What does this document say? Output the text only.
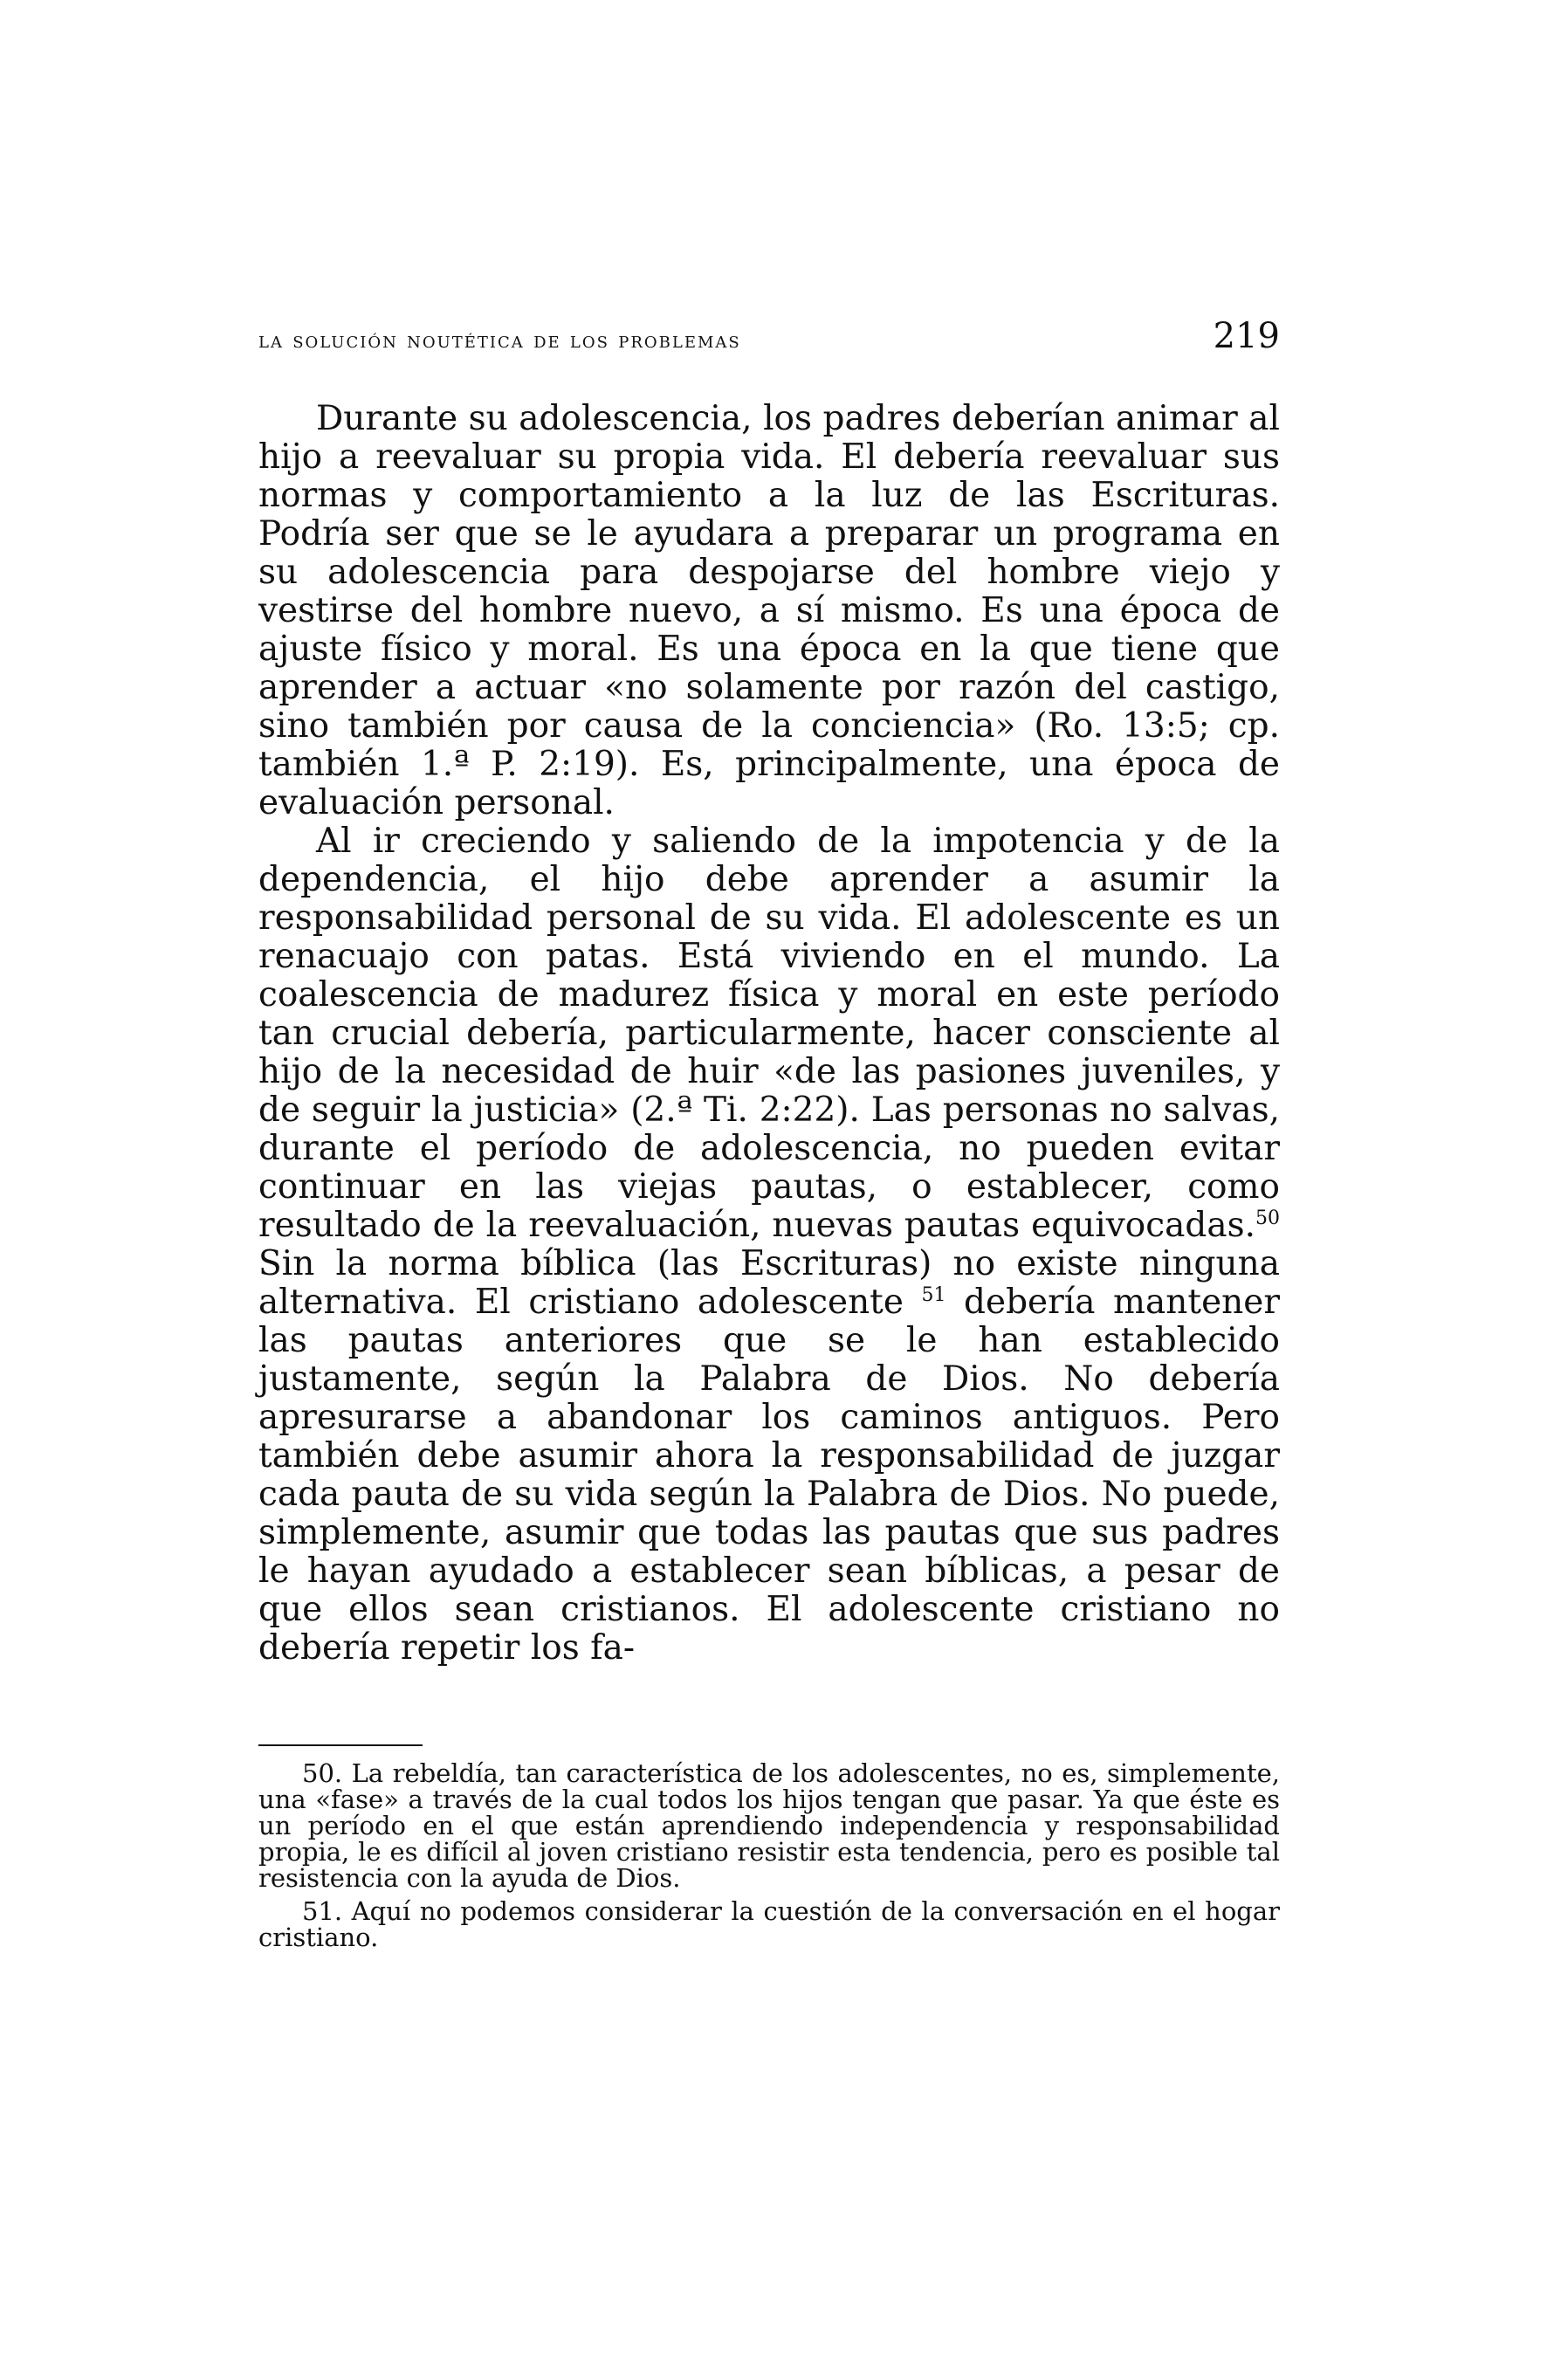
la solución noutética de los problemas	219

Durante su adolescencia, los padres deberían animar al hijo a reevaluar su propia vida. El debería reevaluar sus normas y comportamiento a la luz de las Escrituras. Podría ser que se le ayudara a preparar un programa en su adolescencia para despojarse del hombre viejo y vestirse del hombre nuevo, a sí mismo. Es una época de ajuste físico y moral. Es una época en la que tiene que aprender a actuar «no solamente por razón del castigo, sino también por causa de la conciencia» (Ro. 13:5; cp. también 1.ª P. 2:19). Es, principalmente, una época de evaluación personal.

Al ir creciendo y saliendo de la impotencia y de la dependencia, el hijo debe aprender a asumir la responsabilidad personal de su vida. El adolescente es un renacuajo con patas. Está viviendo en el mundo. La coalescencia de madurez física y moral en este período tan crucial debería, particularmente, hacer consciente al hijo de la necesidad de huir «de las pasiones juveniles, y de seguir la justicia» (2.ª Ti. 2:22). Las personas no salvas, durante el período de adolescencia, no pueden evitar continuar en las viejas pautas, o establecer, como resultado de la reevaluación, nuevas pautas equivocadas.$^{50}$ Sin la norma bíblica (las Escrituras) no existe ninguna alternativa. El cristiano adolescente $^{51}$ debería mantener las pautas anteriores que se le han establecido justamente, según la Palabra de Dios. No debería apresurarse a abandonar los caminos antiguos. Pero también debe asumir ahora la responsabilidad de juzgar cada pauta de su vida según la Palabra de Dios. No puede, simplemente, asumir que todas las pautas que sus padres le hayan ayudado a establecer sean bíblicas, a pesar de que ellos sean cristianos. El adolescente cristiano no debería repetir los fa-

50. La rebeldía, tan característica de los adolescentes, no es, simplemente, una «fase» a través de la cual todos los hijos tengan que pasar. Ya que éste es un período en el que están aprendiendo independencia y responsabilidad propia, le es difícil al joven cristiano resistir esta tendencia, pero es posible tal resistencia con la ayuda de Dios.

51. Aquí no podemos considerar la cuestión de la conversación en el hogar cristiano.
